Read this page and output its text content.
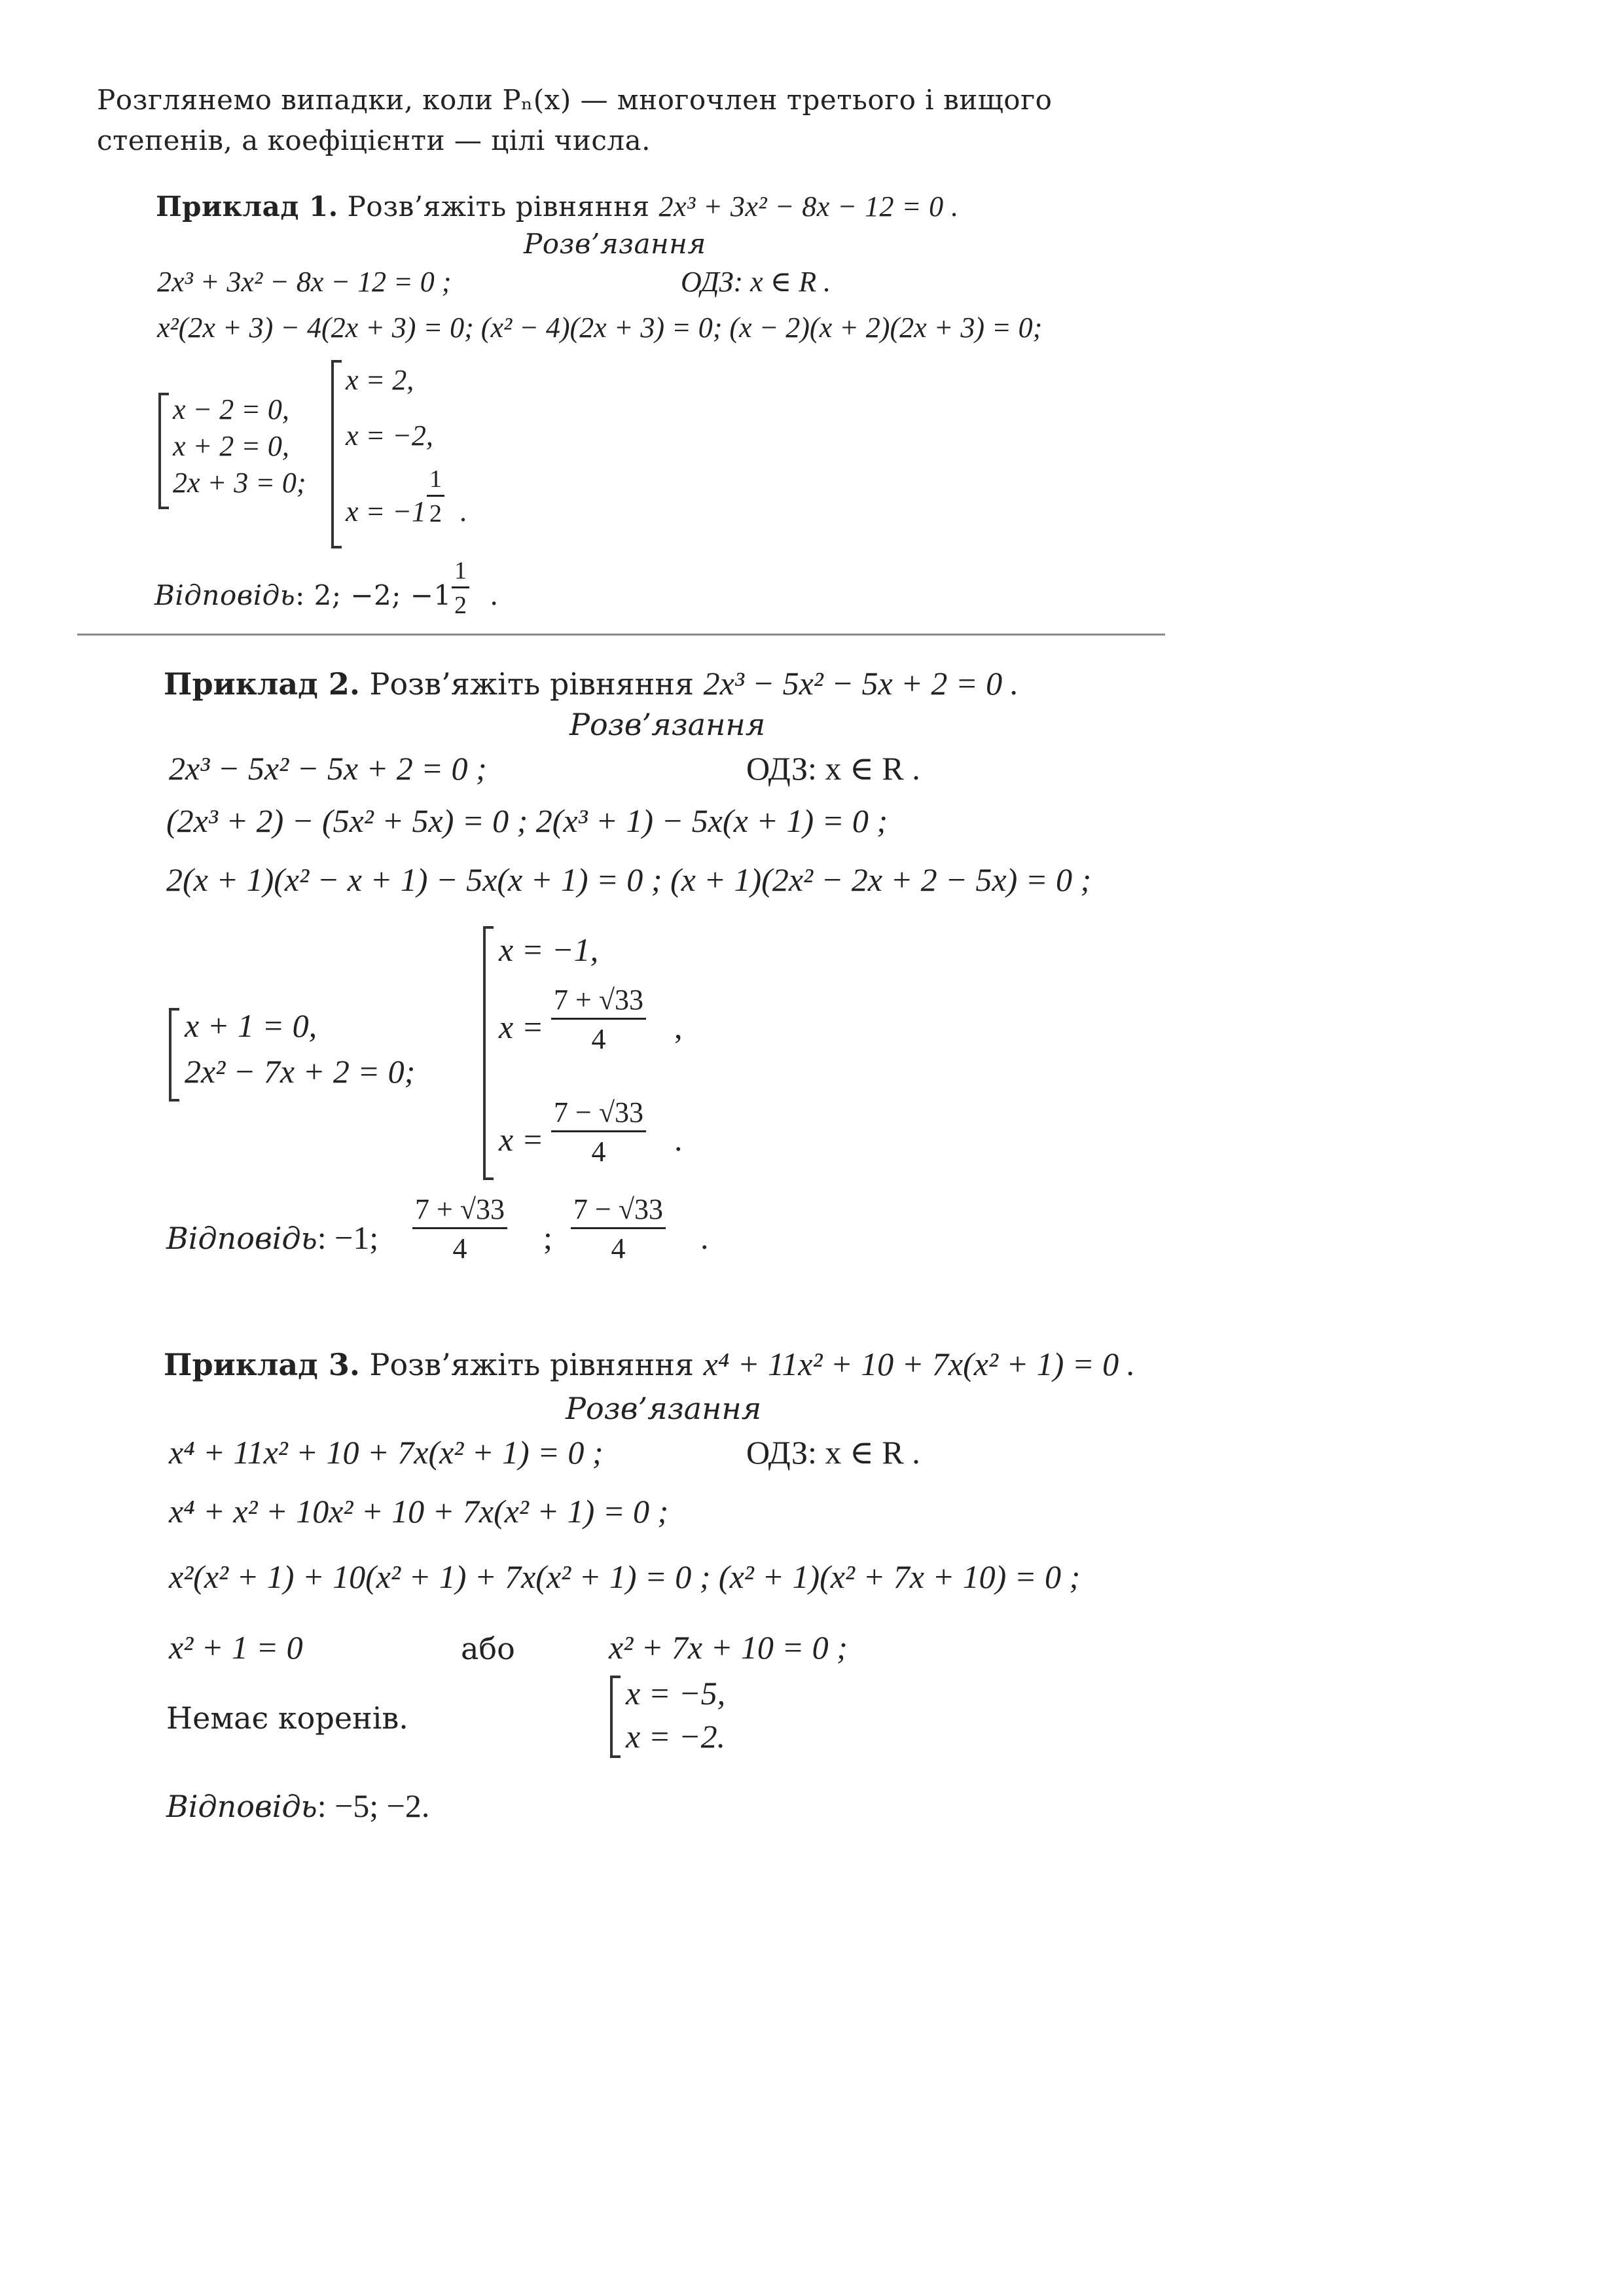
Розглянемо випадки, коли Pₙ(x) — многочлен третього і вищого
степенів, а коефіцієнти — цілі числа.
Приклад 1. Розв’яжіть рівняння 2x³ + 3x² − 8x − 12 = 0 .
Розв’язання
2x³ + 3x² − 8x − 12 = 0 ;	ОДЗ: x ∈ R .
x²(2x + 3) − 4(2x + 3) = 0; (x² − 4)(2x + 3) = 0; (x − 2)(x + 2)(2x + 3) = 0;
x − 2 = 0,
x + 2 = 0,
2x + 3 = 0;
x = 2,
x = −2,
$x = -1 \frac{1}{2}$ .
Відповідь: 2; −2; $-1 \frac{1}{2}$ .
Приклад 2. Розв’яжіть рівняння 2x³ − 5x² − 5x + 2 = 0 .
Розв’язання
2x³ − 5x² − 5x + 2 = 0 ;	ОДЗ: x ∈ R .
(2x³ + 2) − (5x² + 5x) = 0 ; 2(x³ + 1) − 5x(x + 1) = 0 ;
2(x + 1)(x² − x + 1) − 5x(x + 1) = 0 ; (x + 1)(2x² − 2x + 2 − 5x) = 0 ;
x + 1 = 0,
2x² − 7x + 2 = 0;
x = −1,
$x = \frac{7 + √33}{4}$ ,
$x = \frac{7 - √33}{4}$ .
Відповідь: −1; $\frac{7 + √33}{4}$ ; $\frac{7 - √33}{4}$ .
Приклад 3. Розв’яжіть рівняння x⁴ + 11x² + 10 + 7x(x² + 1) = 0 .
Розв’язання
x⁴ + 11x² + 10 + 7x(x² + 1) = 0 ;	ОДЗ: x ∈ R .
x⁴ + x² + 10x² + 10 + 7x(x² + 1) = 0 ;
x²(x² + 1) + 10(x² + 1) + 7x(x² + 1) = 0 ; (x² + 1)(x² + 7x + 10) = 0 ;
x² + 1 = 0	або	x² + 7x + 10 = 0 ;
Немає коренів.
x = −5,
x = −2.
Відповідь: −5; −2.
